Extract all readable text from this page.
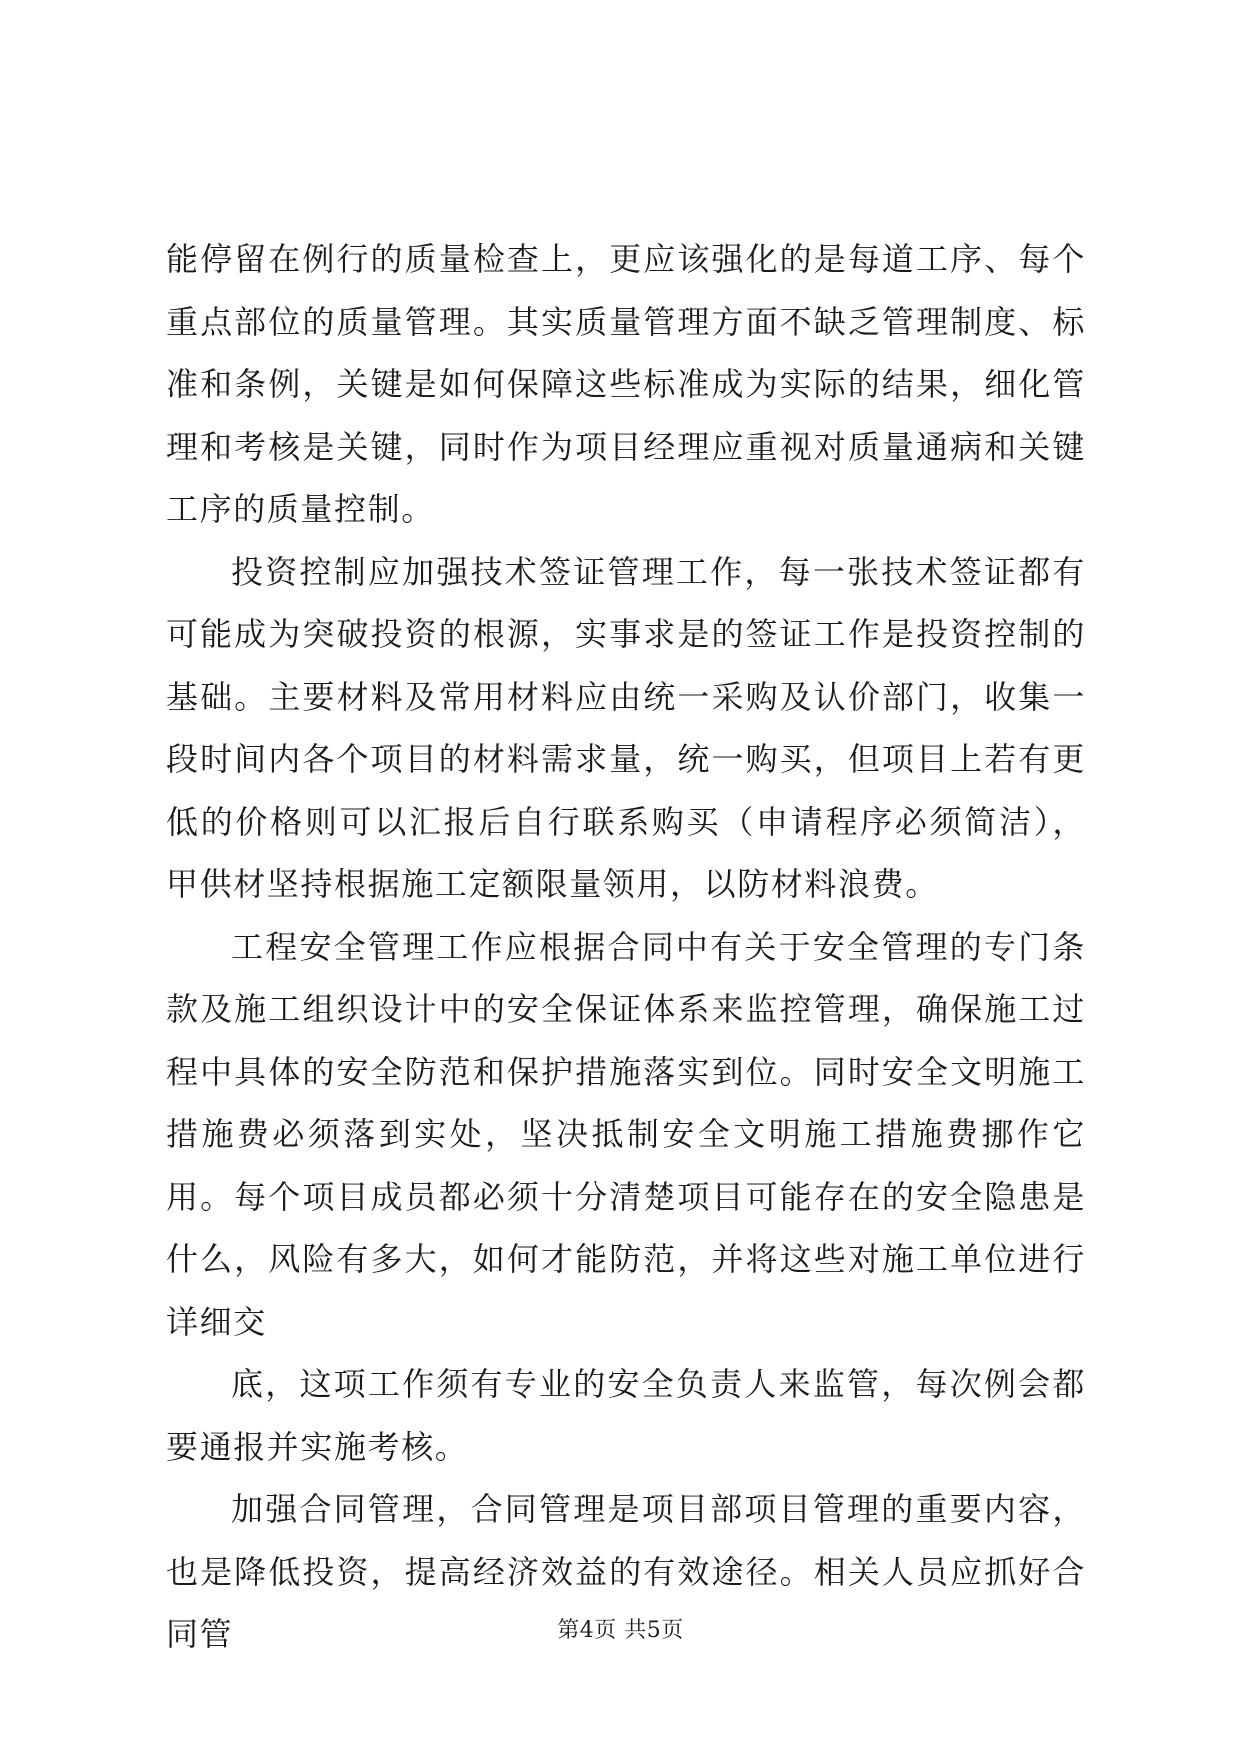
能停留在例行的质量检查上，更应该强化的是每道工序、每个重点部位的质量管理。其实质量管理方面不缺乏管理制度、标准和条例，关键是如何保障这些标准成为实际的结果，细化管理和考核是关键，同时作为项目经理应重视对质量通病和关键工序的质量控制。

投资控制应加强技术签证管理工作，每一张技术签证都有可能成为突破投资的根源，实事求是的签证工作是投资控制的基础。主要材料及常用材料应由统一采购及认价部门，收集一段时间内各个项目的材料需求量，统一购买，但项目上若有更低的价格则可以汇报后自行联系购买（申请程序必须简洁），甲供材坚持根据施工定额限量领用，以防材料浪费。

工程安全管理工作应根据合同中有关于安全管理的专门条款及施工组织设计中的安全保证体系来监控管理，确保施工过程中具体的安全防范和保护措施落实到位。同时安全文明施工措施费必须落到实处，坚决抵制安全文明施工措施费挪作它用。每个项目成员都必须十分清楚项目可能存在的安全隐患是什么，风险有多大，如何才能防范，并将这些对施工单位进行详细交

底，这项工作须有专业的安全负责人来监管，每次例会都要通报并实施考核。

加强合同管理，合同管理是项目部项目管理的重要内容，也是降低投资，提高经济效益的有效途径。相关人员应抓好合同管	第4页 共5页
